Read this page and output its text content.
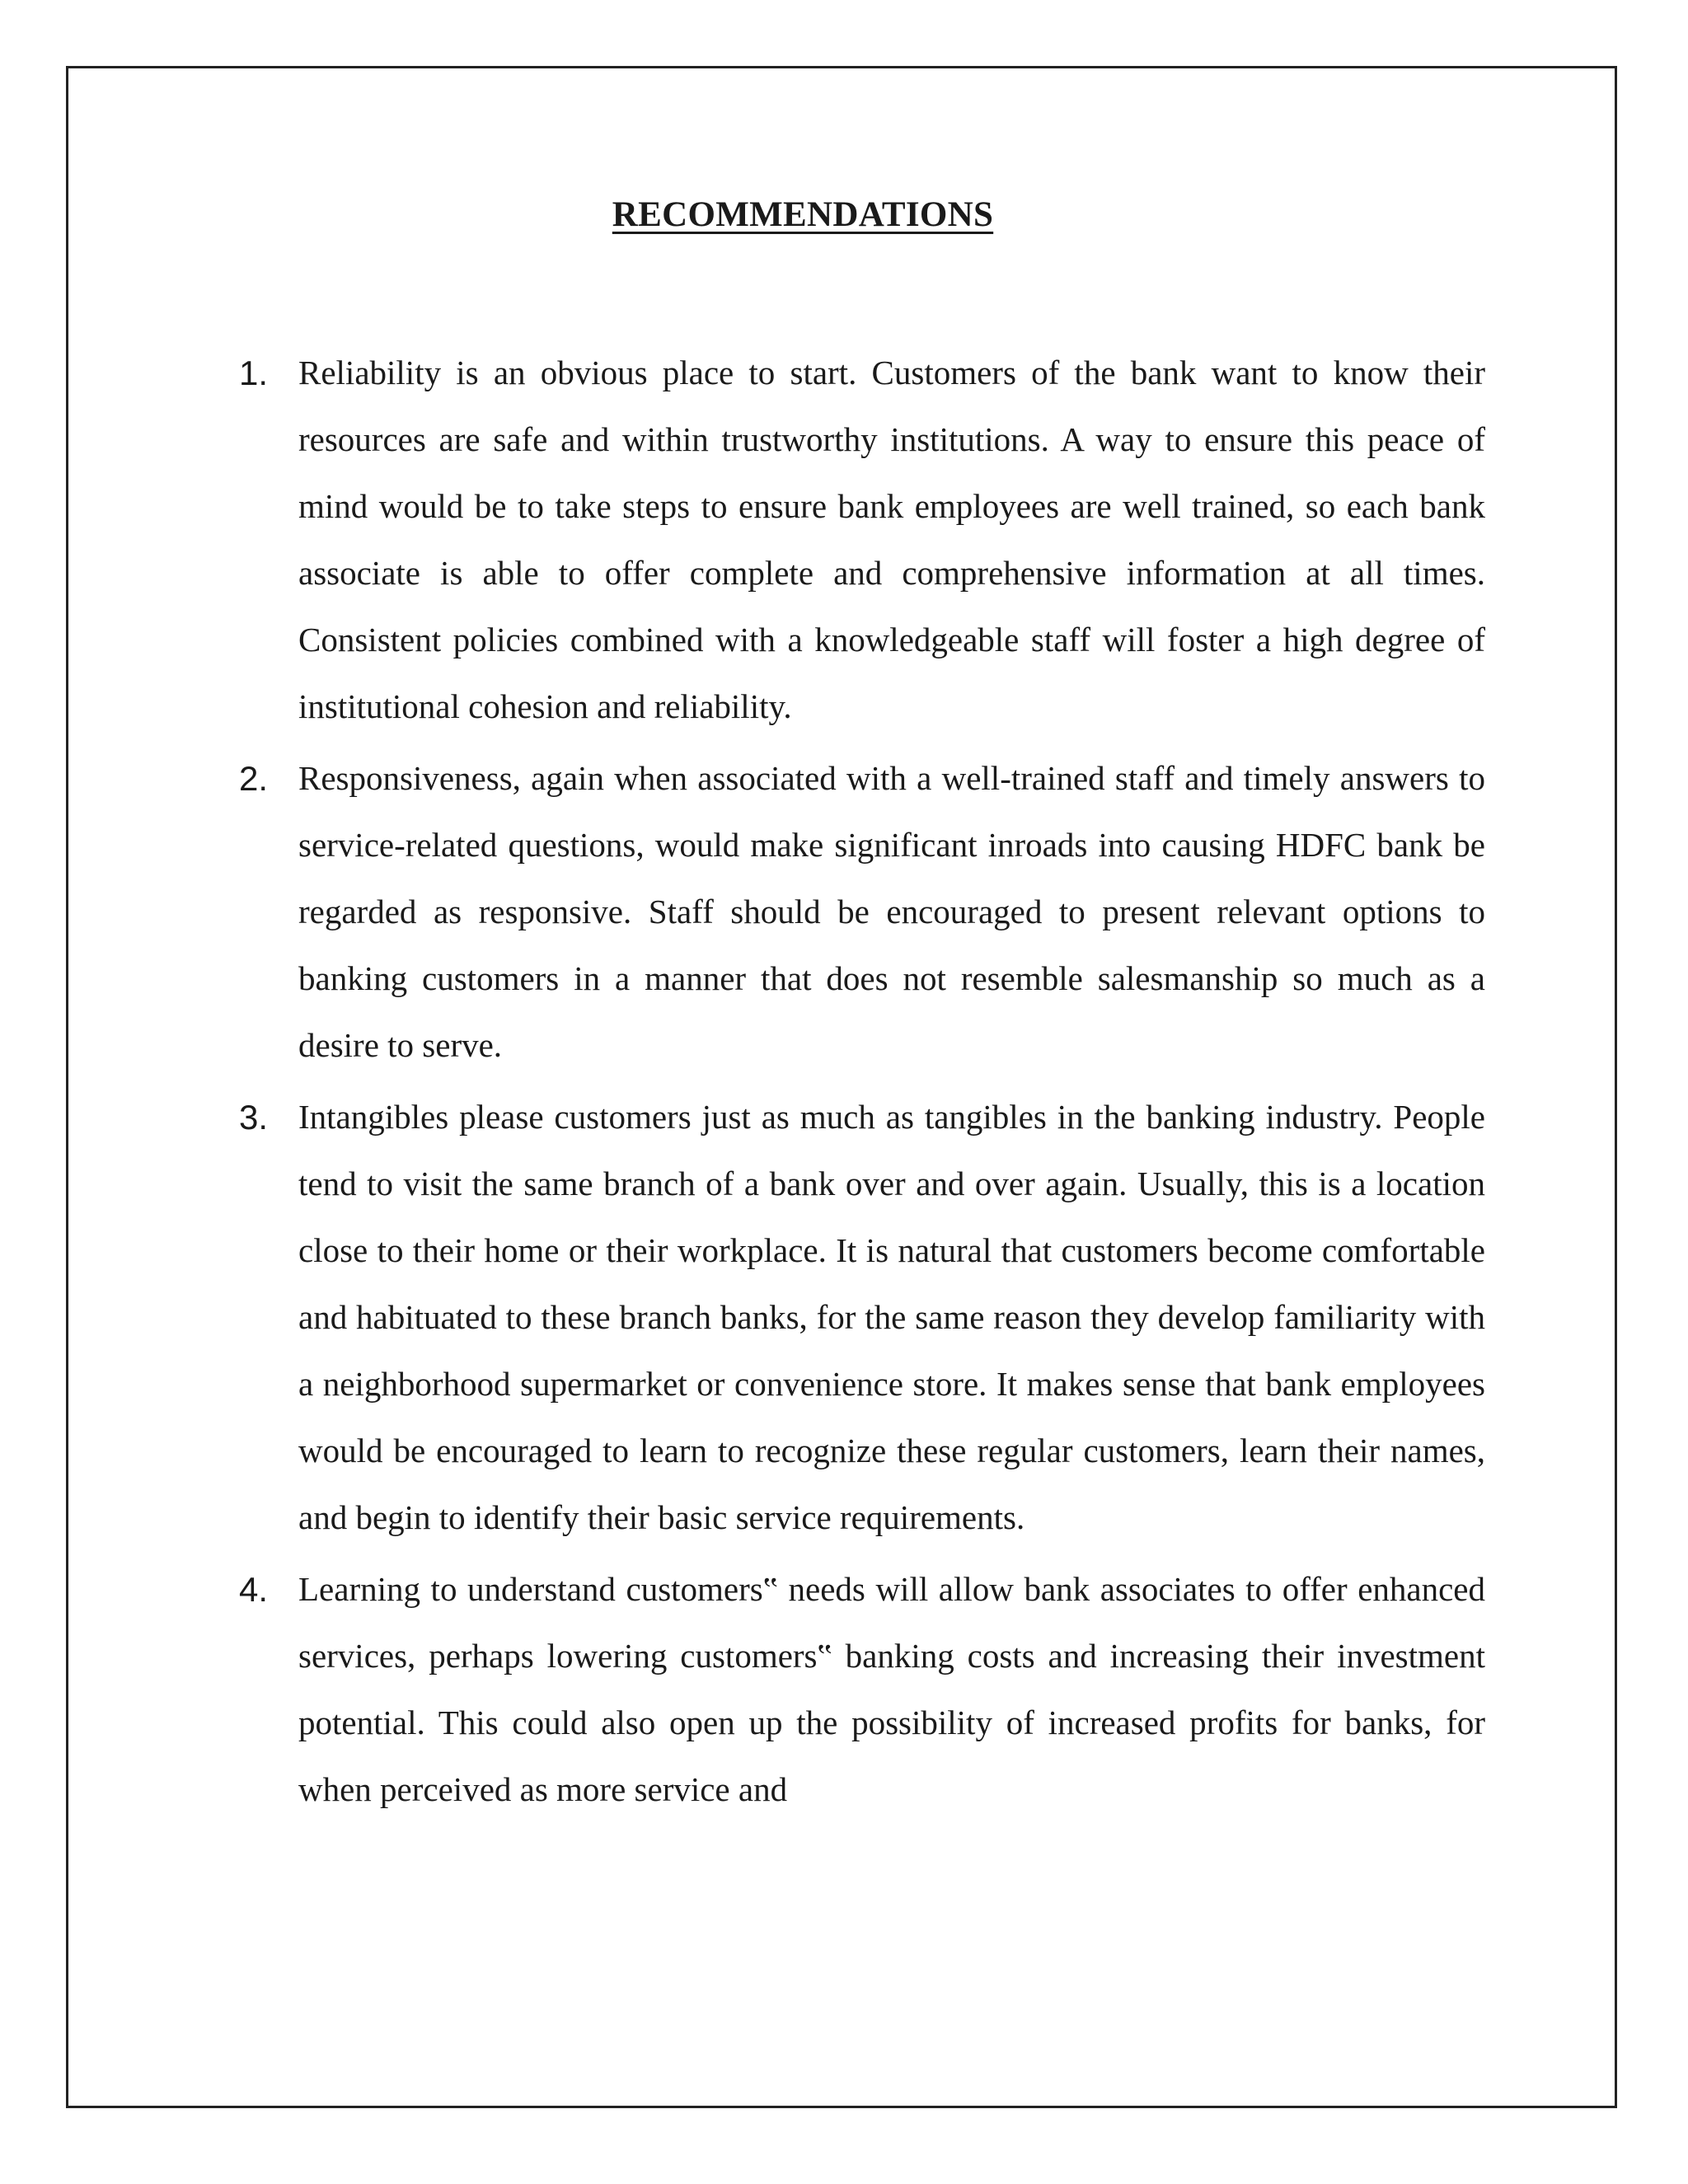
RECOMMENDATIONS
1. Reliability is an obvious place to start. Customers of the bank want to know their resources are safe and within trustworthy institutions. A way to ensure this peace of mind would be to take steps to ensure bank employees are well trained, so each bank associate is able to offer complete and comprehensive information at all times. Consistent policies combined with a knowledgeable staff will foster a high degree of institutional cohesion and reliability.

2. Responsiveness, again when associated with a well-trained staff and timely answers to service-related questions, would make significant inroads into causing HDFC bank be regarded as responsive. Staff should be encouraged to present relevant options to banking customers in a manner that does not resemble salesmanship so much as a desire to serve.

3. Intangibles please customers just as much as tangibles in the banking industry. People tend to visit the same branch of a bank over and over again. Usually, this is a location close to their home or their workplace. It is natural that customers become comfortable and habituated to these branch banks, for the same reason they develop familiarity with a neighborhood supermarket or convenience store. It makes sense that bank employees would be encouraged to learn to recognize these regular customers, learn their names, and begin to identify their basic service requirements.

4. Learning to understand customers‟ needs will allow bank associates to offer enhanced services, perhaps lowering customers‟ banking costs and increasing their investment potential. This could also open up the possibility of increased profits for banks, for when perceived as more service and
